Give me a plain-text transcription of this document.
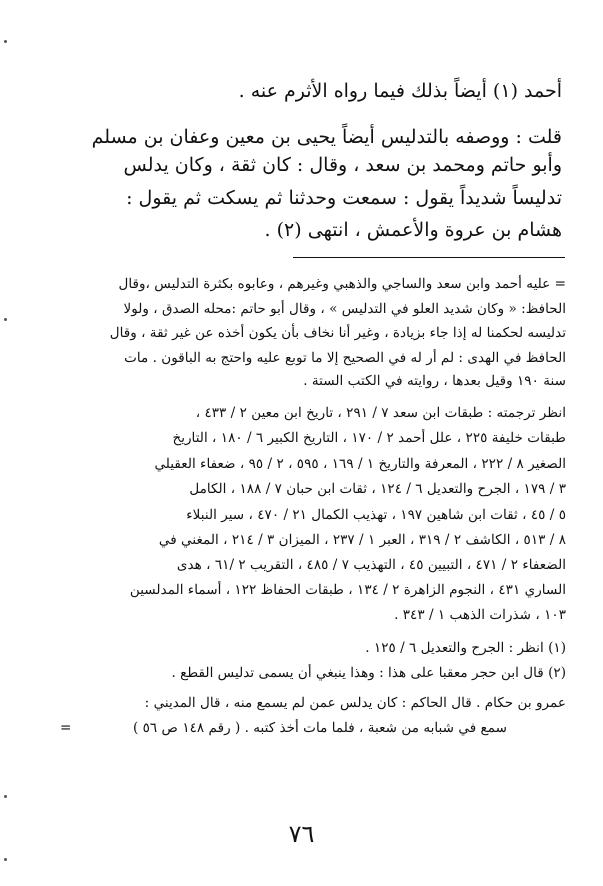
أحمد (١) أيضاً بذلك فيما رواه الأثرم عنه .
قلت : ووصفه بالتدليس أيضاً يحيى بن معين وعفان بن مسلم
وأبو حاتم ومحمد بن سعد ، وقال : كان ثقة ، وكان يدلس
تدليساً شديداً يقول : سمعت وحدثنا ثم يسكت ثم يقول :
هشام بن عروة والأعمش ، انتهى (٢) .
= عليه أحمد وابن سعد والساجي والذهبي وغيرهم ، وعابوه بكثرة التدليس ،وقال
الحافظ: « وكان شديد العلو في التدليس » ، وقال أبو حاتم :محله الصدق ، ولولا
تدليسه لحكمنا له إذا جاء بزيادة ، وغير أنا نخاف بأن يكون أخذه عن غير ثقة ، وقال
الحافظ في الهدى : لم أر له في الصحيح إلا ما توبع عليه واحتج به الباقون . مات
سنة ١٩٠ وقيل بعدها ، روايته في الكتب الستة .
انظر ترجمته : طبقات ابن سعد ٧ / ٢٩١ ، تاريخ ابن معين ٢ / ٤٣٣ ،
طبقات خليفة ٢٢٥ ، علل أحمد ٢ / ١٧٠ ، التاريخ الكبير ٦ / ١٨٠ ، التاريخ
الصغير ٨ / ٢٢٢ ، المعرفة والتاريخ ١ / ١٦٩ ، ٥٩٥ ، ٢ / ٩٥ ، ضعفاء العقيلي
٣ / ١٧٩ ، الجرح والتعديل ٦ / ١٢٤ ، ثقات ابن حبان ٧ / ١٨٨ ، الكامل
٥ / ٤٥ ، ثقات ابن شاهين ١٩٧ ، تهذيب الكمال ٢١ / ٤٧٠ ، سير النبلاء
٨ / ٥١٣ ، الكاشف ٢ / ٣١٩ ، العبر ١ / ٢٣٧ ، الميزان ٣ / ٢١٤ ، المغني في
الضعفاء ٢ / ٤٧١ ، التبيين ٤٥ ، التهذيب ٧ / ٤٨٥ ، التقريب ٢ /٦١ ، هدى
الساري ٤٣١ ، النجوم الزاهرة ٢ / ١٣٤ ، طبقات الحفاظ ١٢٢ ، أسماء المدلسين
١٠٣ ، شذرات الذهب ١ / ٣٤٣ .
(١) انظر : الجرح والتعديل ٦ / ١٢٥ .
(٢) قال ابن حجر معقبا على هذا : وهذا ينبغي أن يسمى تدليس القطع .
عمرو بن حكام . قال الحاكم : كان يدلس عمن لم يسمع منه ، قال المديني :
سمع في شبابه من شعبة ، فلما مات أخذ كتبه . ( رقم ١٤٨ ص ٥٦ )
=
٧٦
